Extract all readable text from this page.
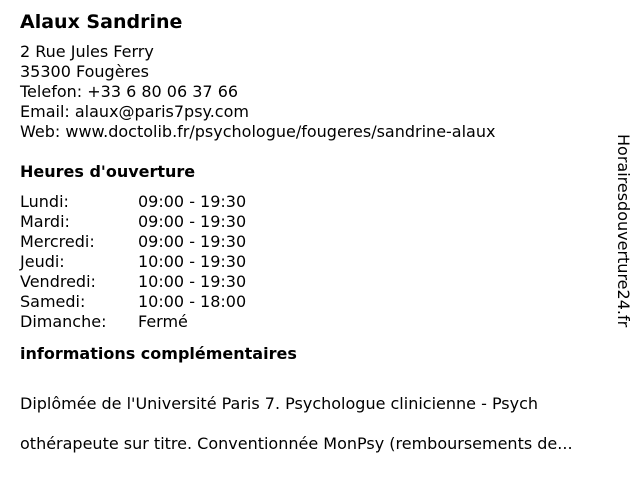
Alaux Sandrine
2 Rue Jules Ferry
35300 Fougères
Telefon: +33 6 80 06 37 66
Email: alaux@paris7psy.com
Web: www.doctolib.fr/psychologue/fougeres/sandrine-alaux
Heures d'ouverture
Lundi:	09:00 - 19:30
Mardi:	09:00 - 19:30
Mercredi:	09:00 - 19:30
Jeudi:	10:00 - 19:30
Vendredi:	10:00 - 19:30
Samedi:	10:00 - 18:00
Dimanche:	Fermé
informations complémentaires

Diplômée de l'Université Paris 7. Psychologue clinicienne - Psych

othérapeute sur titre. Conventionnée MonPsy (remboursements de...

Horairesdouverture24.fr
